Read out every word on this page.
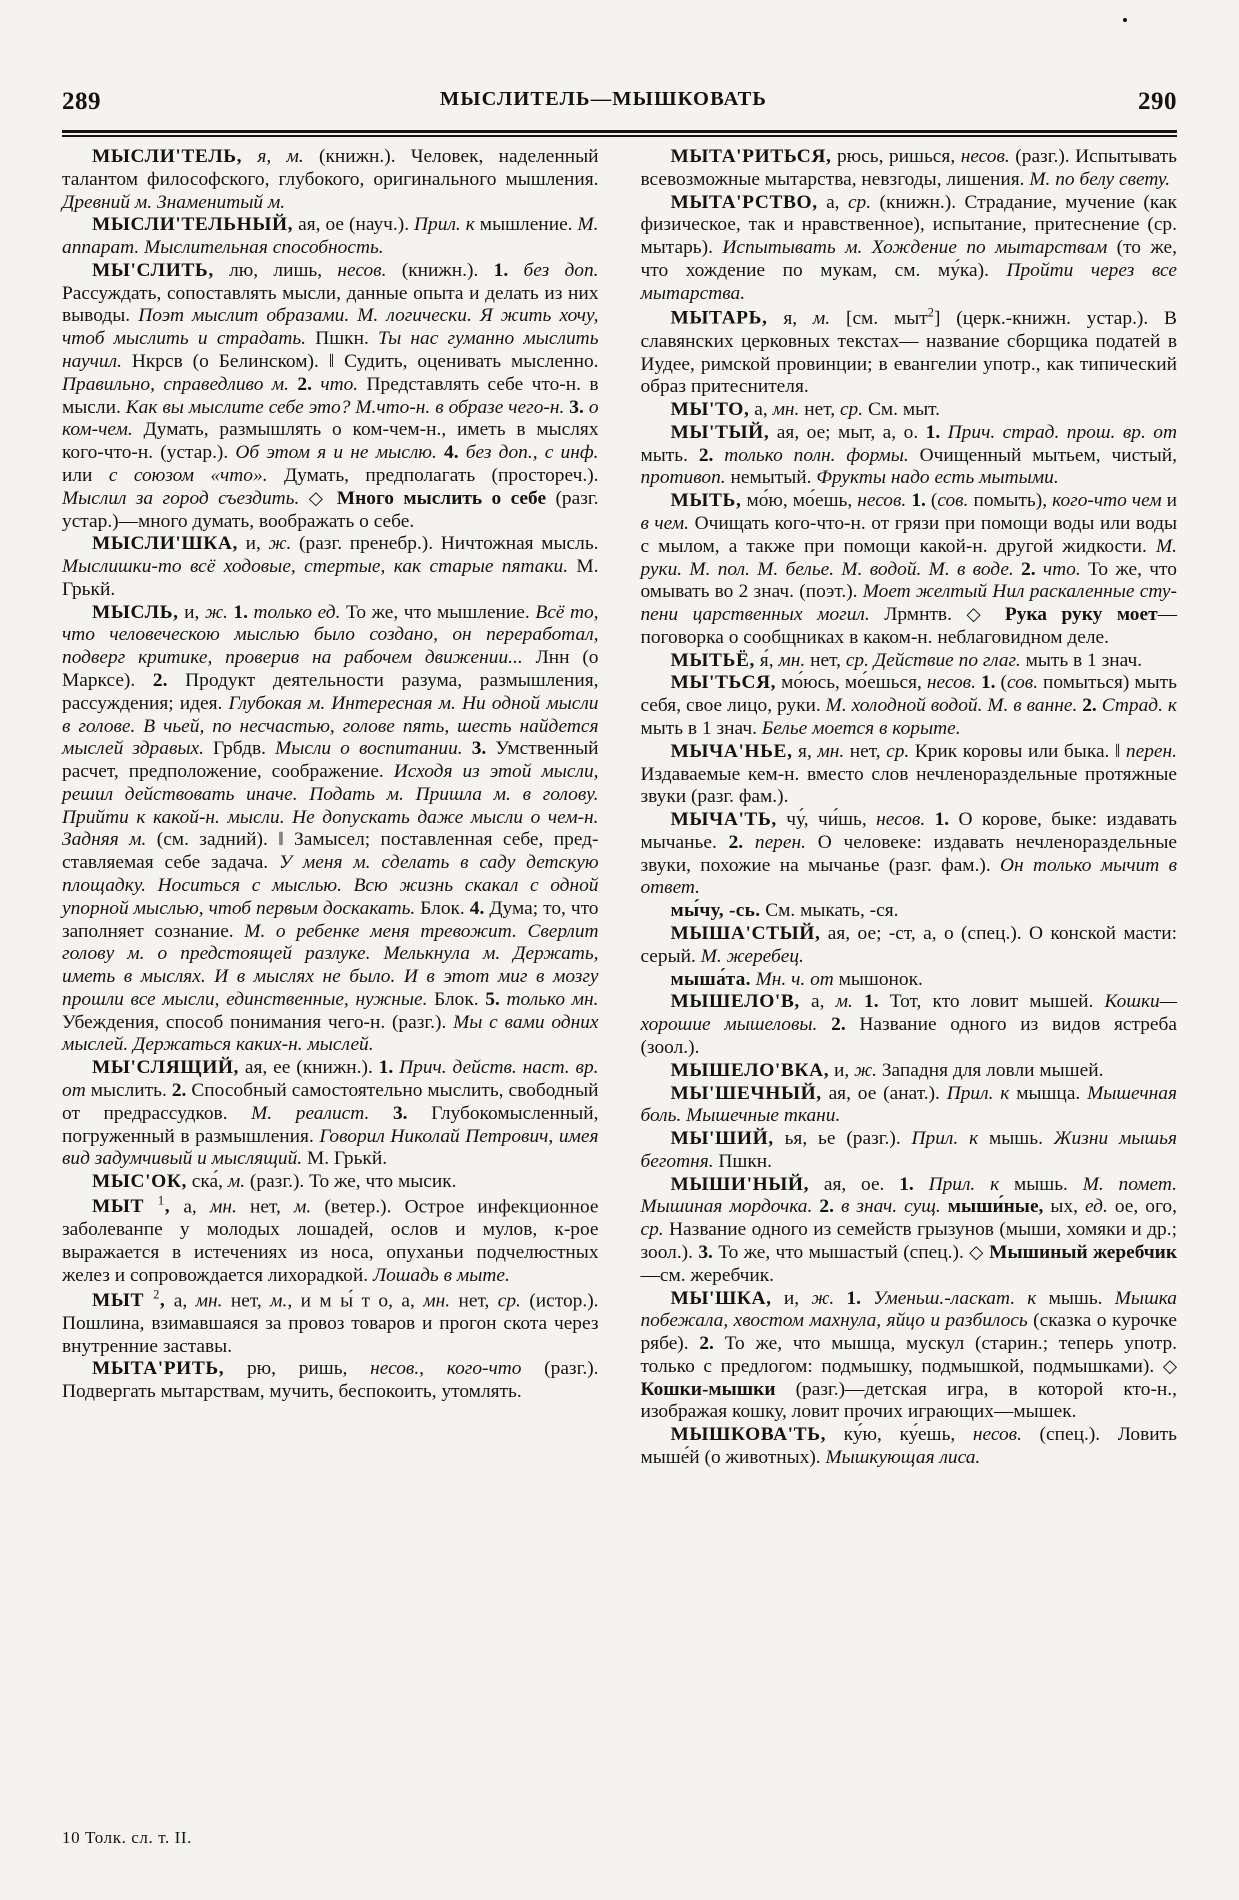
289	МЫСЛИТЕЛЬ—МЫШКОВАТЬ	290

МЫСЛИ'ТЕЛЬ, я, м. (книжн.). Человек, наделенный талантом философского, глубокого, оригинального мышления. Древний м. Знаменитый м.

МЫСЛИ'ТЕЛЬНЫЙ, ая, ое (науч.). Прил. к мышление. М. аппарат. Мыслительная способность.

МЫ'СЛИТЬ, лю, лишь, несов. (книжн.). 1. без доп. Рассуждать, сопоставлять мысли, данные опыта и делать из них выводы. Поэт мыслит образами. М. логически. Я жить хочу, чтоб мыслить и страдать. Пшкн. Ты нас гуманно мыслить научил. Нкрсв (о Белинском). ‖ Судить, оценивать мысленно. Правильно, справедливо м. 2. что. Представлять себе что-н. в мысли. Как вы мыслите себе это? М.что-н. в образе чего-н. 3. о ком-чем. Думать, размышлять о ком-чем-н., иметь в мыслях кого-что-н. (устар.). Об этом я и не мыслю. 4. без доп., с инф. или с союзом «что». Думать, предполагать (простореч.). Мыслил за город съездить. ◇ Много мыслить о себе (разг. устар.)—много думать, воображать о себе.

МЫСЛИ'ШКА, и, ж. (разг. пренебр.). Ничтожная мысль. Мыслишки-то всё ходовые, стертые, как старые пятаки. М. Грькй.

МЫСЛЬ, и, ж. 1. только ед. То же, что мышление. Всё то, что человеческою мыслью было создано, он переработал, подверг критике, проверив на рабочем движении... Лнн (о Марксе). 2. Продукт деятельности разума, размышления, рассуждения; идея. Глубокая м. Интересная м. Ни одной мысли в голове. В чьей, по несчастью, голове пять, шесть найдется мыслей здравых. Грбдв. Мысли о воспитании. 3. Умственный расчет, предположение, соображение. Исходя из этой мысли, решил действовать иначе. Подать м. Пришла м. в голову. Прийти к какой-н. мысли. Не допускать даже мысли о чем-н. Задняя м. (см. задний). ‖ Замысел; поставленная себе, представляемая себе задача. У меня м. сделать в саду детскую площадку. Носиться с мыслью. Всю жизнь скакал с одной упорной мыслью, чтоб первым доскакать. Блок. 4. Дума; то, что заполняет сознание. М. о ребенке меня тревожит. Сверлит голову м. о предстоящей разлуке. Мелькнула м. Держать, иметь в мыслях. И в мыслях не было. И в этот миг в мозгу прошли все мысли, единственные, нужные. Блок. 5. только мн. Убеждения, способ понимания чего-н. (разг.). Мы с вами одних мыслей. Держаться каких-н. мыслей.

МЫ'СЛЯЩИЙ, ая, ее (книжн.). 1. Прич. действ. наст. вр. от мыслить. 2. Способный самостоятельно мыслить, свободный от предрассудков. М. реалист. 3. Глубокомысленный, погруженный в размышления. Говорил Николай Петрович, имея вид задумчивый и мыслящий. М. Грькй.

МЫС'ОК, ска́, м. (разг.). То же, что мысик.

МЫТ $^1$, а, мн. нет, м. (ветер.). Острое инфекционное заболеванпе у молодых лошадей, ослов и мулов, к-рое выражается в истечениях из носа, опуханьи подчелюстных желез и сопровождается лихорадкой. Лошадь в мыте.

МЫТ $^2$, а, мн. нет, м., и м ы́ т о, а, мн. нет, ср. (истор.). Пошлина, взимавшаяся за провоз товаров и прогон скота через внутренние заставы.

МЫТА'РИТЬ, рю, ришь, несов., кого-что (разг.). Подвергать мытарствам, мучить, беспокоить, утомлять.

МЫТА'РИТЬСЯ, рюсь, ришься, несов. (разг.). Испытывать всевозможные мытарства, невзгоды, лишения. М. по белу свету.

МЫТА'РСТВО, а, ср. (книжн.). Страдание, мучение (как физическое, так и нравственное), испытание, притеснение (ср. мытарь). Испытывать м. Хождение по мытарствам (то же, что хождение по мукам, см. му́ка). Пройти через все мытарства.

МЫТАРЬ, я, м. [см. мыт$^2$] (церк.-книжн. устар.). В славянских церковных текстах— название сборщика податей в Иудее, римской провинции; в евангелии употр., как типический образ притеснителя.

МЫ'ТО, а, мн. нет, ср. См. мыт.

МЫ'ТЫЙ, ая, ое; мыт, а, о. 1. Прич. страд. прош. вр. от мыть. 2. только полн. формы. Очищенный мытьем, чистый, противоп. немытый. Фрукты надо есть мытыми.

МЫТЬ, мо́ю, мо́ешь, несов. 1. (сов. помыть), кого-что чем и в чем. Очищать кого-что-н. от грязи при помощи воды или воды с мылом, а также при помощи какой-н. другой жидкости. М. руки. М. пол. М. белье. М. водой. М. в воде. 2. что. То же, что омывать во 2 знач. (поэт.). Моет желтый Нил раскаленные ступени царственных могил. Лрмнтв. ◇ Рука руку моет—поговорка о сообщниках в каком-н. неблаговидном деле.

МЫТЬЁ, я́, мн. нет, ср. Действие по глаг. мыть в 1 знач.

МЫ'ТЬСЯ, мо́юсь, мо́ешься, несов. 1. (сов. помыться) мыть себя, свое лицо, руки. М. холодной водой. М. в ванне. 2. Страд. к мыть в 1 знач. Белье моется в корыте.

МЫЧА'НЬЕ, я, мн. нет, ср. Крик коровы или быка. ‖ перен. Издаваемые кем-н. вместо слов нечленораздельные протяжные звуки (разг. фам.).

МЫЧА'ТЬ, чу́, чи́шь, несов. 1. О корове, быке: издавать мычанье. 2. перен. О человеке: издавать нечленораздельные звуки, похожие на мычанье (разг. фам.). Он только мычит в ответ.

мы́чу, -сь. См. мыкать, -ся.

МЫША'СТЫЙ, ая, ое; -ст, а, о (спец.). О конской масти: серый. М. жеребец.

мыша́та. Мн. ч. от мышонок.

МЫШЕЛО'В, а, м. 1. Тот, кто ловит мышей. Кошки—хорошие мышеловы. 2. Название одного из видов ястреба (зоол.).

МЫШЕЛО'ВКА, и, ж. Западня для ловли мышей.

МЫ'ШЕЧНЫЙ, ая, ое (анат.). Прил. к мышца. Мышечная боль. Мышечные ткани.

МЫ'ШИЙ, ья, ье (разг.). Прил. к мышь. Жизни мышья беготня. Пшкн.

МЫШИ'НЫЙ, ая, ое. 1. Прил. к мышь. М. помет. Мышиная мордочка. 2. в знач. сущ. мыши́ные, ых, ед. ое, ого, ср. Название одного из семейств грызунов (мыши, хомяки и др.; зоол.). 3. То же, что мышастый (спец.). ◇ Мышиный жеребчик—см. жеребчик.

МЫ'ШКА, и, ж. 1. Уменьш.-ласкат. к мышь. Мышка побежала, хвостом махнула, яйцо и разбилось (сказка о курочке рябе). 2. То же, что мышца, мускул (старин.; теперь употр. только с предлогом: подмышку, подмышкой, подмышками). ◇ Кошки-мышки (разг.)—детская игра, в которой кто-н., изображая кошку, ловит прочих играющих—мышек.

МЫШКОВА'ТЬ, ку́ю, ку́ешь, несов. (спец.). Ловить мыше́й (о животных). Мышкующая лиса.

10 Толк. сл. т. II.
